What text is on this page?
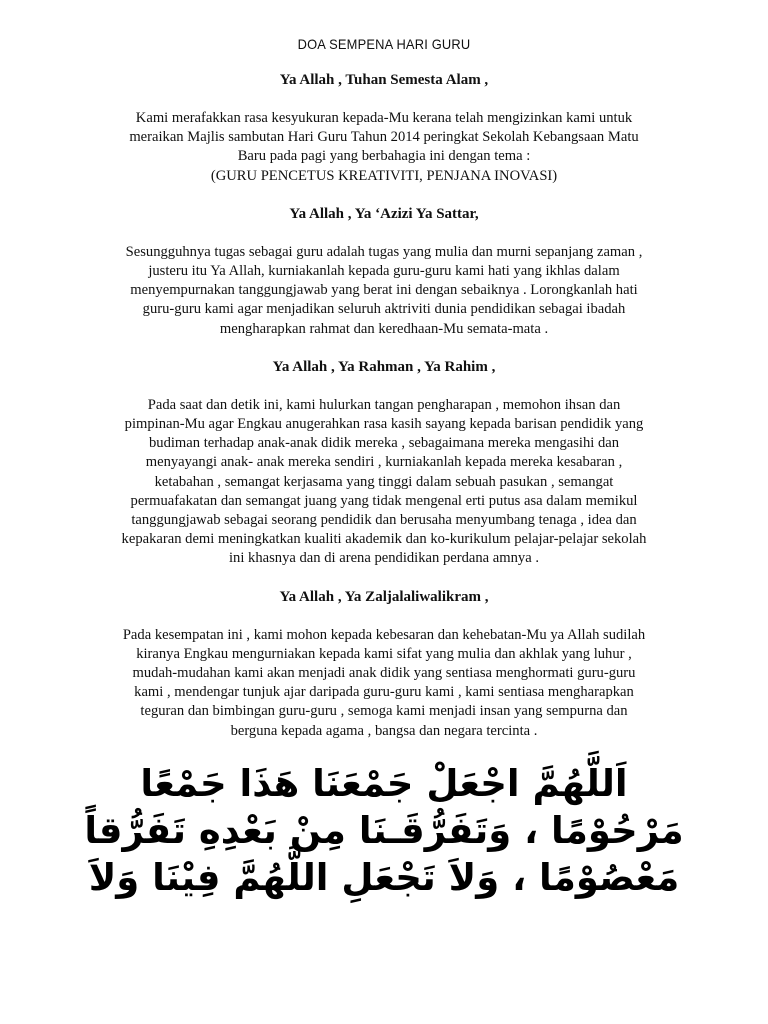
DOA SEMPENA HARI GURU
Ya Allah , Tuhan Semesta Alam ,
Kami merafakkan rasa kesyukuran kepada-Mu kerana telah mengizinkan kami untuk
meraikan Majlis sambutan Hari Guru Tahun 2014 peringkat Sekolah Kebangsaan Matu
Baru pada pagi yang berbahagia ini dengan tema :
(GURU PENCETUS KREATIVITI, PENJANA INOVASI)
Ya Allah , Ya ‘Azizi Ya Sattar,
Sesungguhnya tugas sebagai guru adalah tugas yang mulia dan murni sepanjang zaman ,
justeru itu Ya Allah, kurniakanlah kepada guru-guru kami hati yang ikhlas dalam
menyempurnakan tanggungjawab yang berat ini dengan sebaiknya . Lorongkanlah hati
guru-guru kami agar menjadikan seluruh aktriviti dunia pendidikan sebagai ibadah
mengharapkan rahmat dan keredhaan-Mu semata-mata .
Ya Allah , Ya Rahman , Ya Rahim ,
Pada saat dan detik ini, kami hulurkan tangan pengharapan , memohon ihsan dan
pimpinan-Mu agar Engkau anugerahkan rasa kasih sayang kepada barisan pendidik yang
budiman terhadap anak-anak didik mereka , sebagaimana mereka mengasihi dan
menyayangi anak- anak mereka sendiri , kurniakanlah kepada mereka kesabaran ,
ketabahan , semangat kerjasama yang tinggi dalam sebuah pasukan , semangat
permuafakatan dan semangat juang yang tidak mengenal erti putus asa dalam memikul
tanggungjawab sebagai seorang pendidik dan berusaha menyumbang tenaga , idea dan
kepakaran demi meningkatkan kualiti akademik dan ko-kurikulum pelajar-pelajar sekolah
ini khasnya dan di arena pendidikan perdana amnya .
Ya Allah , Ya Zaljalaliwalikram ,
Pada kesempatan ini , kami mohon kepada kebesaran dan kehebatan-Mu ya Allah sudilah
kiranya Engkau mengurniakan kepada kami sifat yang mulia dan akhlak yang luhur ,
mudah-mudahan kami akan menjadi anak didik yang sentiasa menghormati guru-guru
kami , mendengar tunjuk ajar daripada guru-guru kami , kami sentiasa mengharapkan
teguran dan bimbingan guru-guru , semoga kami menjadi insan yang sempurna dan
berguna kepada agama , bangsa dan negara tercinta .
اَللَّهُمَّ اجْعَلْ جَمْعَنَا هَذَا جَمْعًا
مَرْحُوْمًا ، وَتَفَرُّقَـنَا مِنْ بَعْدِهِ تَفَرُّقاً
مَعْصُوْمًا ، وَلاَ تَجْعَلِ اللَّهُمَّ فِيْنَا وَلاَ
